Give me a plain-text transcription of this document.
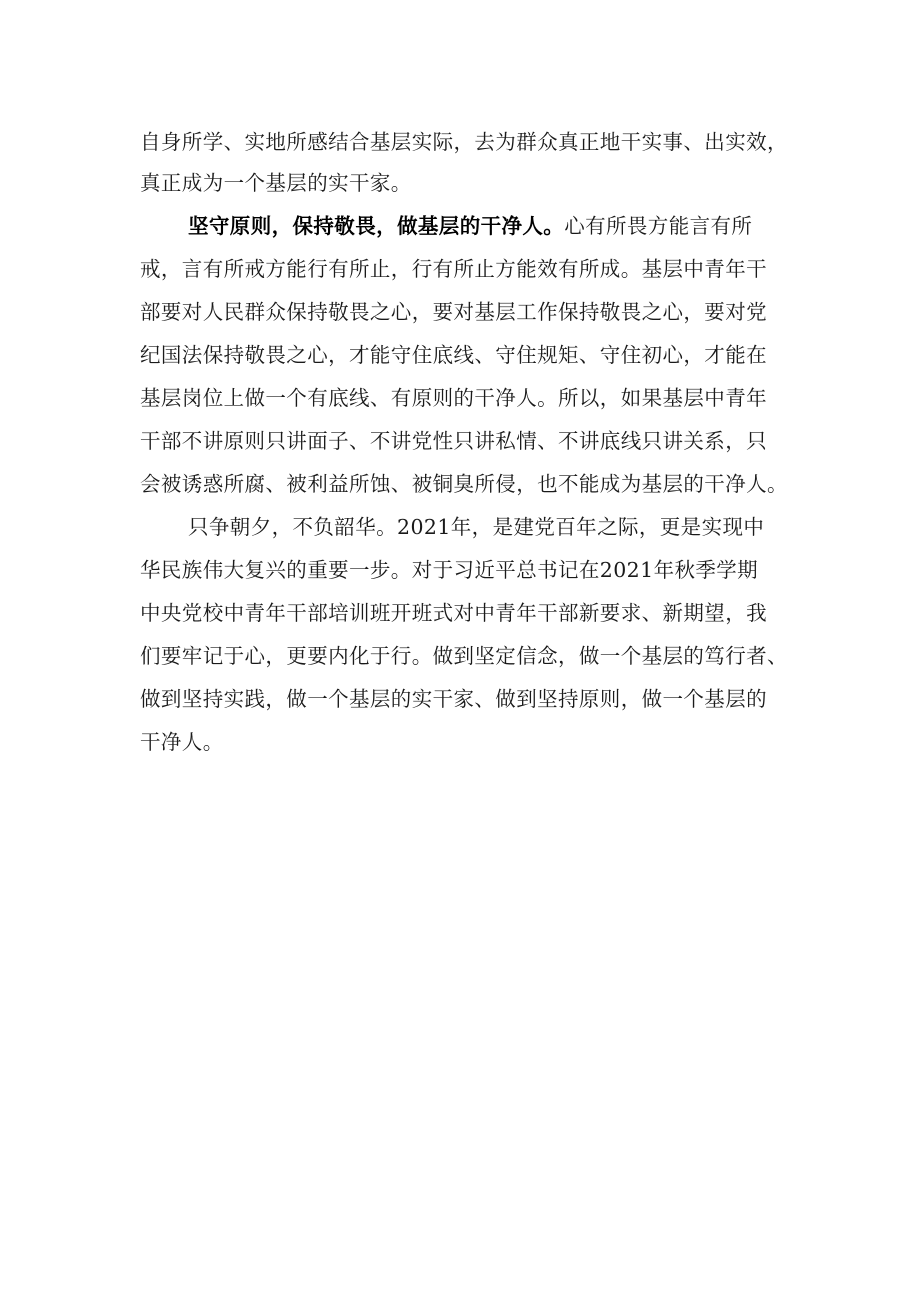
自身所学、实地所感结合基层实际，去为群众真正地干实事、出实效，
真正成为一个基层的实干家。
坚守原则，保持敬畏，做基层的干净人。心有所畏方能言有所
戒，言有所戒方能行有所止，行有所止方能效有所成。基层中青年干
部要对人民群众保持敬畏之心，要对基层工作保持敬畏之心，要对党
纪国法保持敬畏之心，才能守住底线、守住规矩、守住初心，才能在
基层岗位上做一个有底线、有原则的干净人。所以，如果基层中青年
干部不讲原则只讲面子、不讲党性只讲私情、不讲底线只讲关系，只
会被诱惑所腐、被利益所蚀、被铜臭所侵，也不能成为基层的干净人。
只争朝夕，不负韶华。2021年，是建党百年之际，更是实现中
华民族伟大复兴的重要一步。对于习近平总书记在2021年秋季学期
中央党校中青年干部培训班开班式对中青年干部新要求、新期望，我
们要牢记于心，更要内化于行。做到坚定信念，做一个基层的笃行者、
做到坚持实践，做一个基层的实干家、做到坚持原则，做一个基层的
干净人。
